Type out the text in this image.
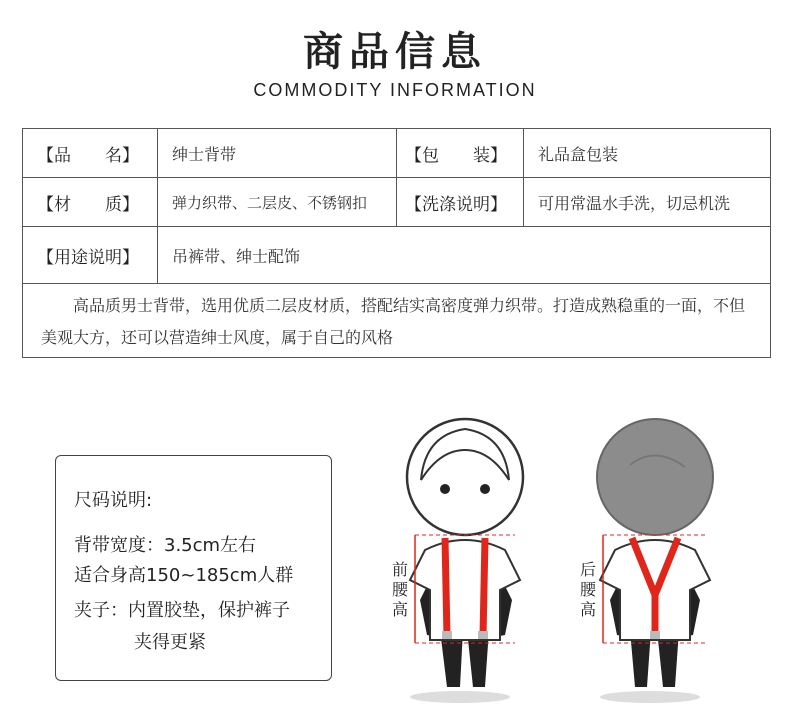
商品信息
COMMODITY INFORMATION
【品　　名】	绅士背带	【包　　装】	礼品盒包装
【材　　质】	弹力织带、二层皮、不锈钢扣	【洗涤说明】	可用常温水手洗，切忌机洗
【用途说明】	吊裤带、绅士配饰
高品质男士背带，选用优质二层皮材质，搭配结实高密度弹力织带。打造成熟稳重的一面，不但美观大方，还可以营造绅士风度，属于自己的风格
尺码说明:
背带宽度：3.5cm左右
适合身高150~185cm人群
夹子：内置胶垫，保护裤子
夹得更紧
前
腰
高
后
腰
高
